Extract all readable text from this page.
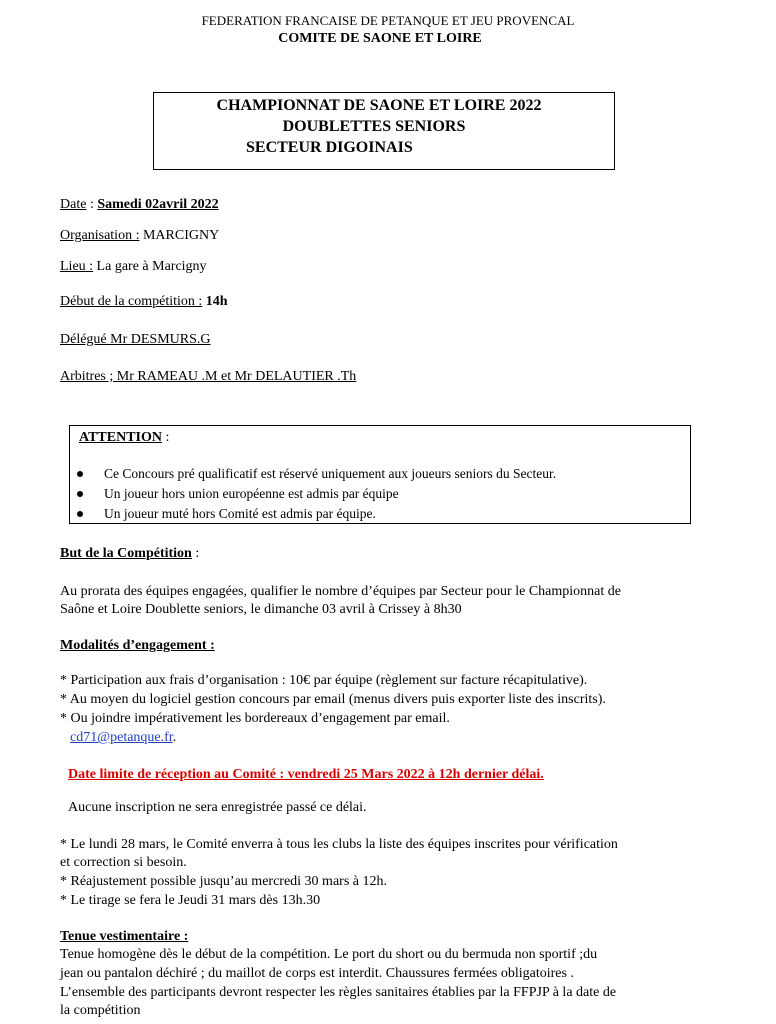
FEDERATION FRANCAISE DE PETANQUE ET JEU PROVENCAL
COMITE DE SAONE ET LOIRE
CHAMPIONNAT DE SAONE ET LOIRE 2022
DOUBLETTES SENIORS
SECTEUR DIGOINAIS
Date : Samedi 02avril 2022
Organisation : MARCIGNY
Lieu : La gare à Marcigny
Début de la compétition : 14h
Délégué Mr DESMURS.G
Arbitres ; Mr RAMEAU .M et Mr DELAUTIER .Th
ATTENTION :
Ce Concours pré qualificatif est réservé uniquement aux joueurs seniors du Secteur.
Un joueur hors union européenne est admis par équipe
Un joueur muté hors Comité est admis par équipe.
But de la Compétition :
Au prorata des équipes engagées, qualifier le nombre d’équipes par Secteur pour le Championnat de
Saône et Loire Doublette seniors, le dimanche 03 avril à Crissey à 8h30
Modalités d’engagement :
* Participation aux frais d’organisation : 10€ par équipe (règlement sur facture récapitulative).
* Au moyen du logiciel gestion concours par email (menus divers puis exporter liste des inscrits).
* Ou joindre impérativement les bordereaux d’engagement par email.
cd71@petanque.fr.
Date limite de réception au Comité : vendredi 25 Mars 2022 à 12h dernier délai.
Aucune inscription ne sera enregistrée passé ce délai.
* Le lundi 28 mars, le Comité enverra à tous les clubs la liste des équipes inscrites pour vérification
et correction si besoin.
* Réajustement possible jusqu’au mercredi 30 mars à 12h.
* Le tirage se fera le Jeudi 31 mars dès 13h.30
Tenue vestimentaire :
Tenue homogène dès le début de la compétition. Le port du short ou du bermuda non sportif ;du
jean ou pantalon déchiré ; du maillot de corps est interdit. Chaussures fermées obligatoires .
L’ensemble des participants devront respecter les règles sanitaires établies par la FFPJP à la date de
la compétition
